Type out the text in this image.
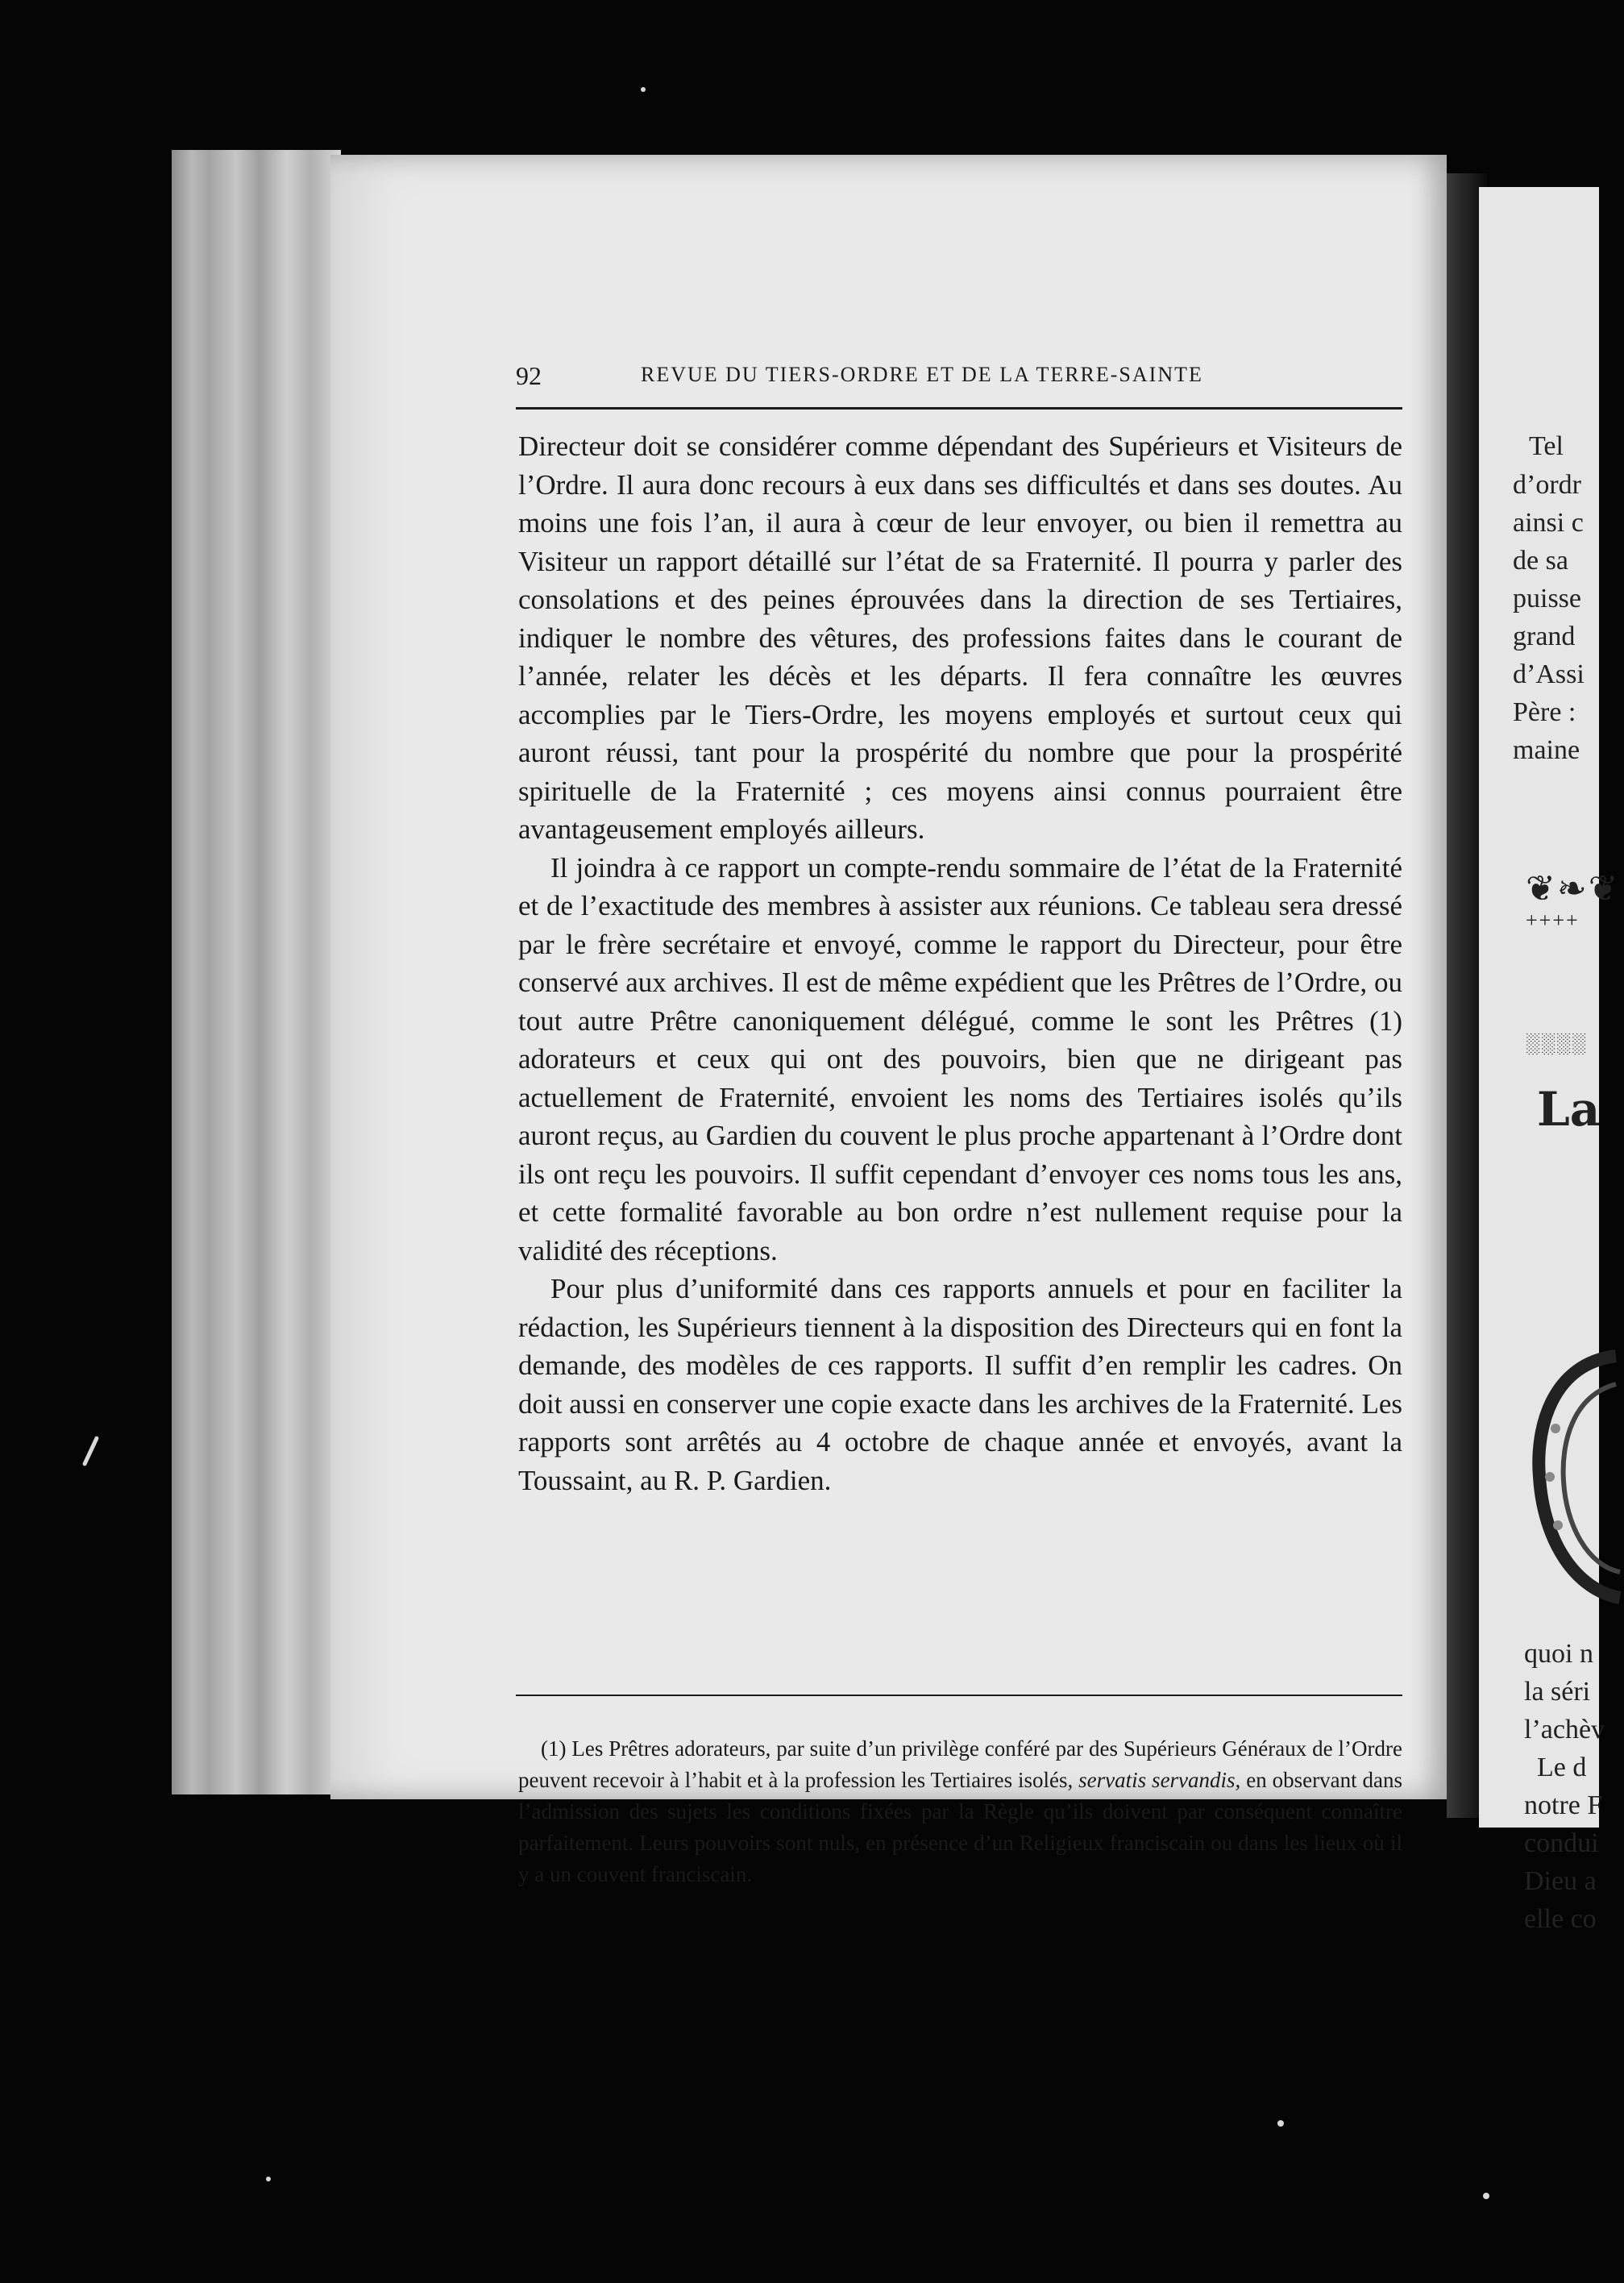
Tel
d’ordr
ainsi c
de sa
puisse
grand
d’Assi
Père :
maine
❦❧❦
++++
░░░░
La
quoi n
la séri
l’achèv
Le d
notre F
condui
Dieu a
elle co
92	REVUE DU TIERS-ORDRE ET DE LA TERRE-SAINTE

Directeur doit se considérer comme dépendant des Supérieurs et Visiteurs de l’Ordre. Il aura donc recours à eux dans ses difficultés et dans ses doutes. Au moins une fois l’an, il aura à cœur de leur envoyer, ou bien il remettra au Visiteur un rapport détaillé sur l’état de sa Fraternité. Il pourra y parler des consolations et des peines éprouvées dans la direction de ses Tertiaires, indiquer le nombre des vêtures, des professions faites dans le courant de l’année, relater les décès et les départs. Il fera connaître les œuvres accomplies par le Tiers-Ordre, les moyens employés et surtout ceux qui auront réussi, tant pour la prospérité du nombre que pour la prospérité spirituelle de la Fraternité ; ces moyens ainsi connus pourraient être avantageusement employés ailleurs.

Il joindra à ce rapport un compte-rendu sommaire de l’état de la Fraternité et de l’exactitude des membres à assister aux réunions. Ce tableau sera dressé par le frère secrétaire et envoyé, comme le rapport du Directeur, pour être conservé aux archives. Il est de même expédient que les Prêtres de l’Ordre, ou tout autre Prêtre canoniquement délégué, comme le sont les Prêtres (1) adorateurs et ceux qui ont des pouvoirs, bien que ne dirigeant pas actuellement de Fraternité, envoient les noms des Tertiaires isolés qu’ils auront reçus, au Gardien du couvent le plus proche appartenant à l’Ordre dont ils ont reçu les pouvoirs. Il suffit cependant d’envoyer ces noms tous les ans, et cette formalité favorable au bon ordre n’est nullement requise pour la validité des réceptions.

Pour plus d’uniformité dans ces rapports annuels et pour en faciliter la rédaction, les Supérieurs tiennent à la disposition des Directeurs qui en font la demande, des modèles de ces rapports. Il suffit d’en remplir les cadres. On doit aussi en conserver une copie exacte dans les archives de la Fraternité. Les rapports sont arrêtés au 4 octobre de chaque année et envoyés, avant la Toussaint, au R. P. Gardien.

(1) Les Prêtres adorateurs, par suite d’un privilège conféré par des Supérieurs Généraux de l’Ordre peuvent recevoir à l’habit et à la profession les Tertiaires isolés, servatis servandis, en observant dans l’admission des sujets les conditions fixées par la Règle qu’ils doivent par conséquent connaître parfaitement. Leurs pouvoirs sont nuls, en présence d’un Religieux franciscain ou dans les lieux où il y a un couvent franciscain.
